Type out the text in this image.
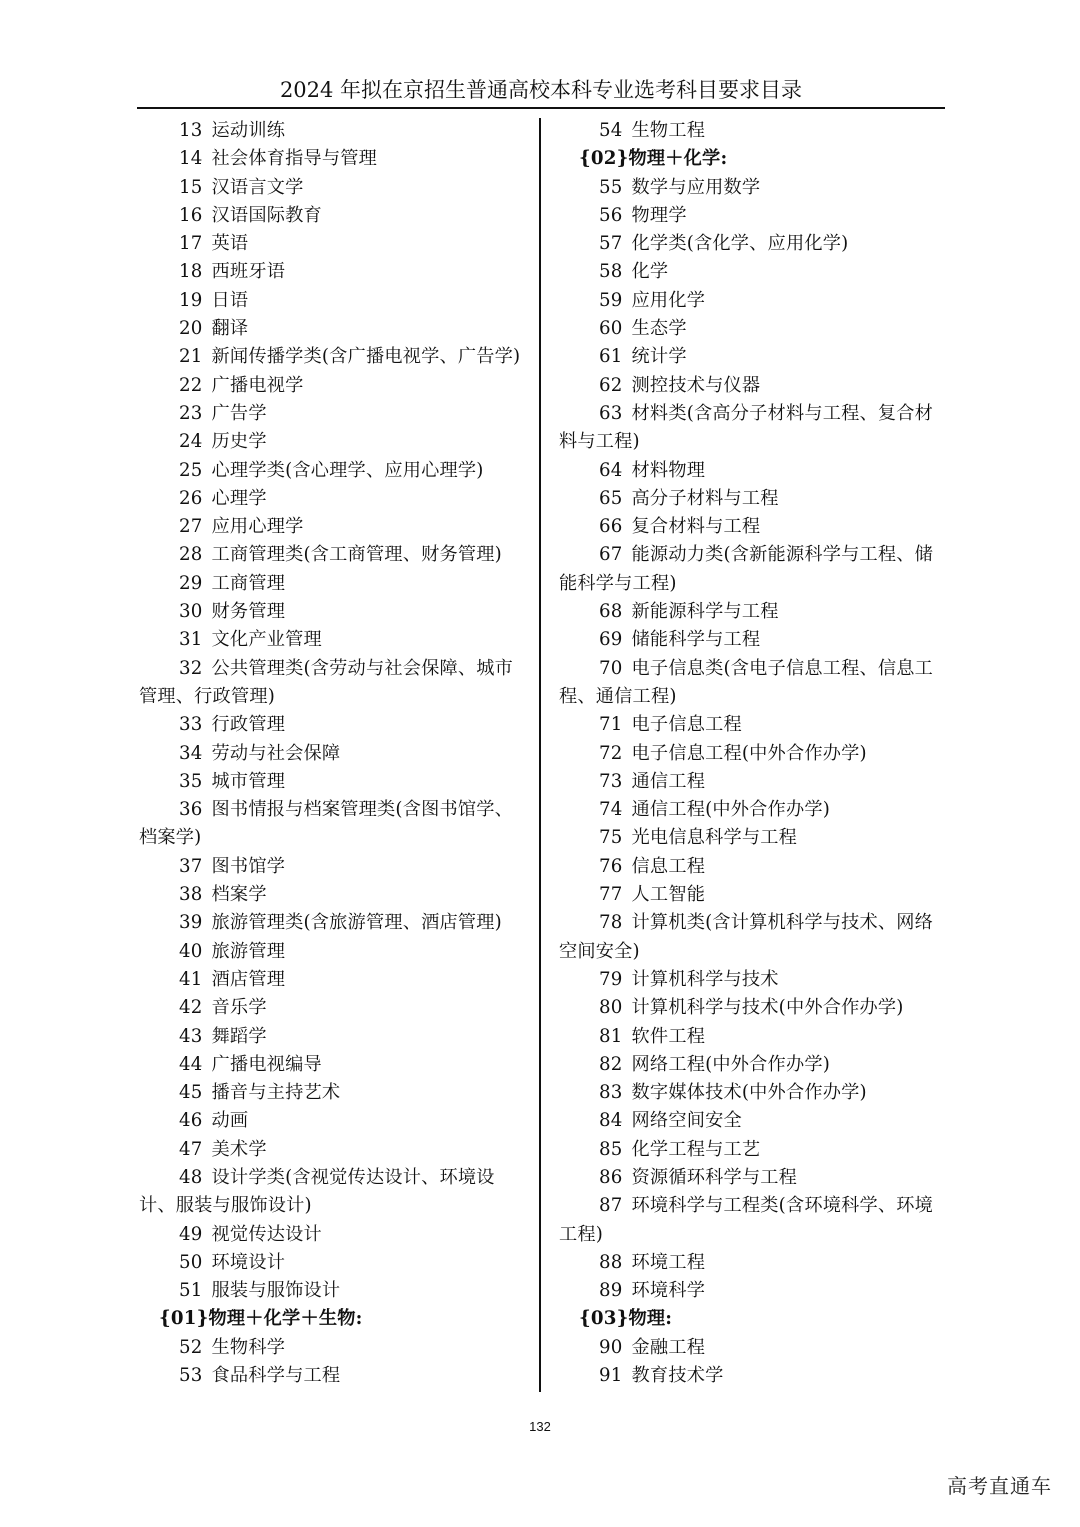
2024 年拟在京招生普通高校本科专业选考科目要求目录
13 运动训练
14 社会体育指导与管理
15 汉语言文学
16 汉语国际教育
17 英语
18 西班牙语
19 日语
20 翻译
21 新闻传播学类(含广播电视学、广告学)
22 广播电视学
23 广告学
24 历史学
25 心理学类(含心理学、应用心理学)
26 心理学
27 应用心理学
28 工商管理类(含工商管理、财务管理)
29 工商管理
30 财务管理
31 文化产业管理
32 公共管理类(含劳动与社会保障、城市管理、行政管理)
33 行政管理
34 劳动与社会保障
35 城市管理
36 图书情报与档案管理类(含图书馆学、档案学)
37 图书馆学
38 档案学
39 旅游管理类(含旅游管理、酒店管理)
40 旅游管理
41 酒店管理
42 音乐学
43 舞蹈学
44 广播电视编导
45 播音与主持艺术
46 动画
47 美术学
48 设计学类(含视觉传达设计、环境设计、服装与服饰设计)
49 视觉传达设计
50 环境设计
51 服装与服饰设计
{01}物理＋化学＋生物:
52 生物科学
53 食品科学与工程
54 生物工程
{02}物理＋化学:
55 数学与应用数学
56 物理学
57 化学类(含化学、应用化学)
58 化学
59 应用化学
60 生态学
61 统计学
62 测控技术与仪器
63 材料类(含高分子材料与工程、复合材料与工程)
64 材料物理
65 高分子材料与工程
66 复合材料与工程
67 能源动力类(含新能源科学与工程、储能科学与工程)
68 新能源科学与工程
69 储能科学与工程
70 电子信息类(含电子信息工程、信息工程、通信工程)
71 电子信息工程
72 电子信息工程(中外合作办学)
73 通信工程
74 通信工程(中外合作办学)
75 光电信息科学与工程
76 信息工程
77 人工智能
78 计算机类(含计算机科学与技术、网络空间安全)
79 计算机科学与技术
80 计算机科学与技术(中外合作办学)
81 软件工程
82 网络工程(中外合作办学)
83 数字媒体技术(中外合作办学)
84 网络空间安全
85 化学工程与工艺
86 资源循环科学与工程
87 环境科学与工程类(含环境科学、环境工程)
88 环境工程
89 环境科学
{03}物理:
90 金融工程
91 教育技术学
132
高考直通车
